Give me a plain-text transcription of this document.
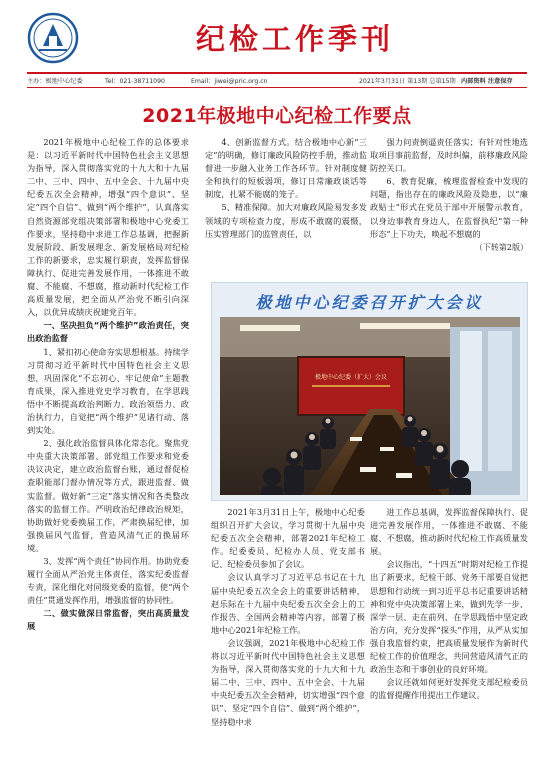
纪检工作季刊
主办：极地中心纪委	Tel：021-38711090	Email：jiwei@pric.org.cn	2021年3月31日 第13期 总第15期 内部资料 注意保存
2021年极地中心纪检工作要点

2021年极地中心纪检工作的总体要求是：以习近平新时代中国特色社会主义思想为指导，深入贯彻落实党的十九大和十九届二中、三中、四中、五中全会、十九届中央纪委五次全会精神，增强“四个意识”、坚定“四个自信”、做到“两个维护”，认真落实自然资源部党组决策部署和极地中心党委工作要求，坚持稳中求进工作总基调，把握新发展阶段、新发展理念、新发展格局对纪检工作的新要求，忠实履行职责，发挥监督保障执行、促进完善发展作用，一体推进不敢腐、不能腐、不想腐，推动新时代纪检工作高质量发展，把全面从严治党不断引向深入，以优异成绩庆祝建党百年。

一、坚决担负“两个维护”政治责任，突出政治监督

1、紧扣初心使命夯实思想根基。持续学习贯彻习近平新时代中国特色社会主义思想，巩固深化“不忘初心、牢记使命”主题教育成果，深入推进党史学习教育，在学思践悟中不断提高政治判断力、政治领悟力、政治执行力，自觉把“两个维护”见诸行动、落到实处。

2、强化政治监督具体化常态化。聚焦党中央重大决策部署、部党组工作要求和党委决议决定，建立政治监督台账，通过督促检查职能部门督办情况等方式，跟进监督、做实监督。做好新“三定”落实情况和各类整改落实的监督工作。严明政治纪律政治规矩，协助做好党委换届工作，严肃换届纪律，加强换届风气监督，营造风清气正的换届环境。

3、发挥“两个责任”协同作用。协助党委履行全面从严治党主体责任，落实纪委监督专责，深化细化对同级党委的监督，使“两个责任”贯通发挥作用，增强监督的协同性。

二、做实做深日常监督，突出高质量发展

4、创新监督方式。结合极地中心新“三定”的明确，修订廉政风险防控手册，推动监督进一步融入业务工作各环节。针对制度健全和执行的短板弱项，修订日常廉政谈话等制度，扎紧不能腐的笼子。

5、精准保障。加大对廉政风险易发多发领域的专项检查力度，形成不敢腐的震慑，压实管理部门的监管责任，以

强力问责倒逼责任落实；有针对性地选取项目事前监督，及时纠偏，前移廉政风险防控关口。

6、教育促廉，梳理监督检查中发现的问题，指出存在的廉政风险及隐患，以“廉政贴士”形式在党员干部中开展警示教育，以身边事教育身边人，在监督执纪“第一种形态”上下功夫，唤起不想腐的

（下转第2版）
极地中心纪委召开扩大会议
极地中心纪委（扩大）会议

2021年3月31日上午，极地中心纪委组织召开扩大会议，学习贯彻十九届中央纪委五次全会精神，部署2021年纪检工作。纪委委员、纪检办人员、党支部书记、纪检委员参加了会议。

会议认真学习了习近平总书记在十九届中央纪委五次全会上的重要讲话精神，赵乐际在十九届中央纪委五次全会上的工作报告、全国两会精神等内容，部署了极地中心2021年纪检工作。

会议强调，2021年极地中心纪检工作将以习近平新时代中国特色社会主义思想为指导，深入贯彻落实党的十九大和十九届二中、三中、四中、五中全会、十九届中央纪委五次全会精神，切实增强“四个意识”、坚定“四个自信”、做到“两个维护”，坚持稳中求

进工作总基调，发挥监督保障执行、促进完善发展作用，一体推进不敢腐、不能腐、不想腐，推动新时代纪检工作高质量发展。

会议指出，“十四五”时期对纪检工作提出了新要求，纪检干部、党务干部要自觉把思想和行动统一到习近平总书记重要讲话精神和党中央决策部署上来，做到先学一步、深学一层、走在前列，在学思践悟中坚定政治方向，充分发挥“探头”作用，从严从实加强自我监督约束，把高质量发展作为新时代纪检工作的价值理念，共同营造风清气正的政治生态和干事创业的良好环境。

会议还就如何更好发挥党支部纪检委员的监督提醒作用提出工作建议。
